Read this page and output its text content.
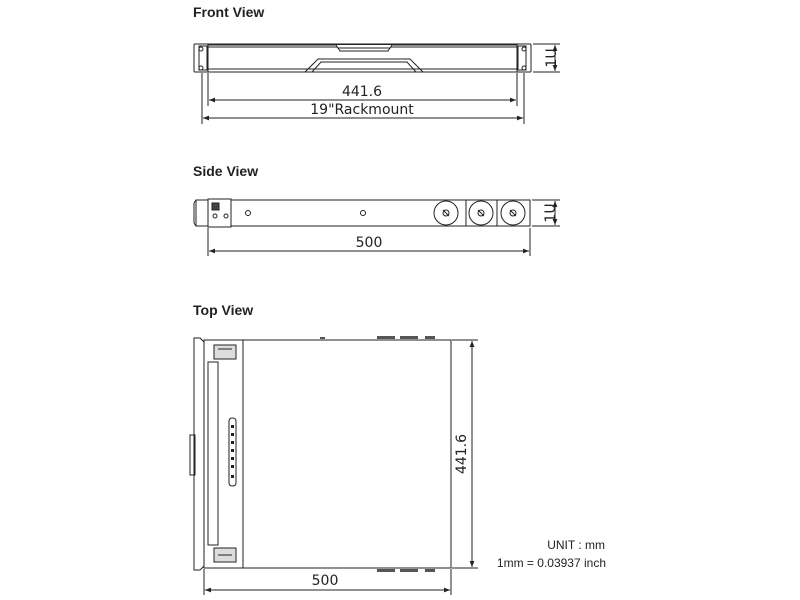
Front View
Side View
Top View
1U
441.6
19"Rackmount
1U
500
441.6
500
UNIT : mm
1mm = 0.03937 inch
